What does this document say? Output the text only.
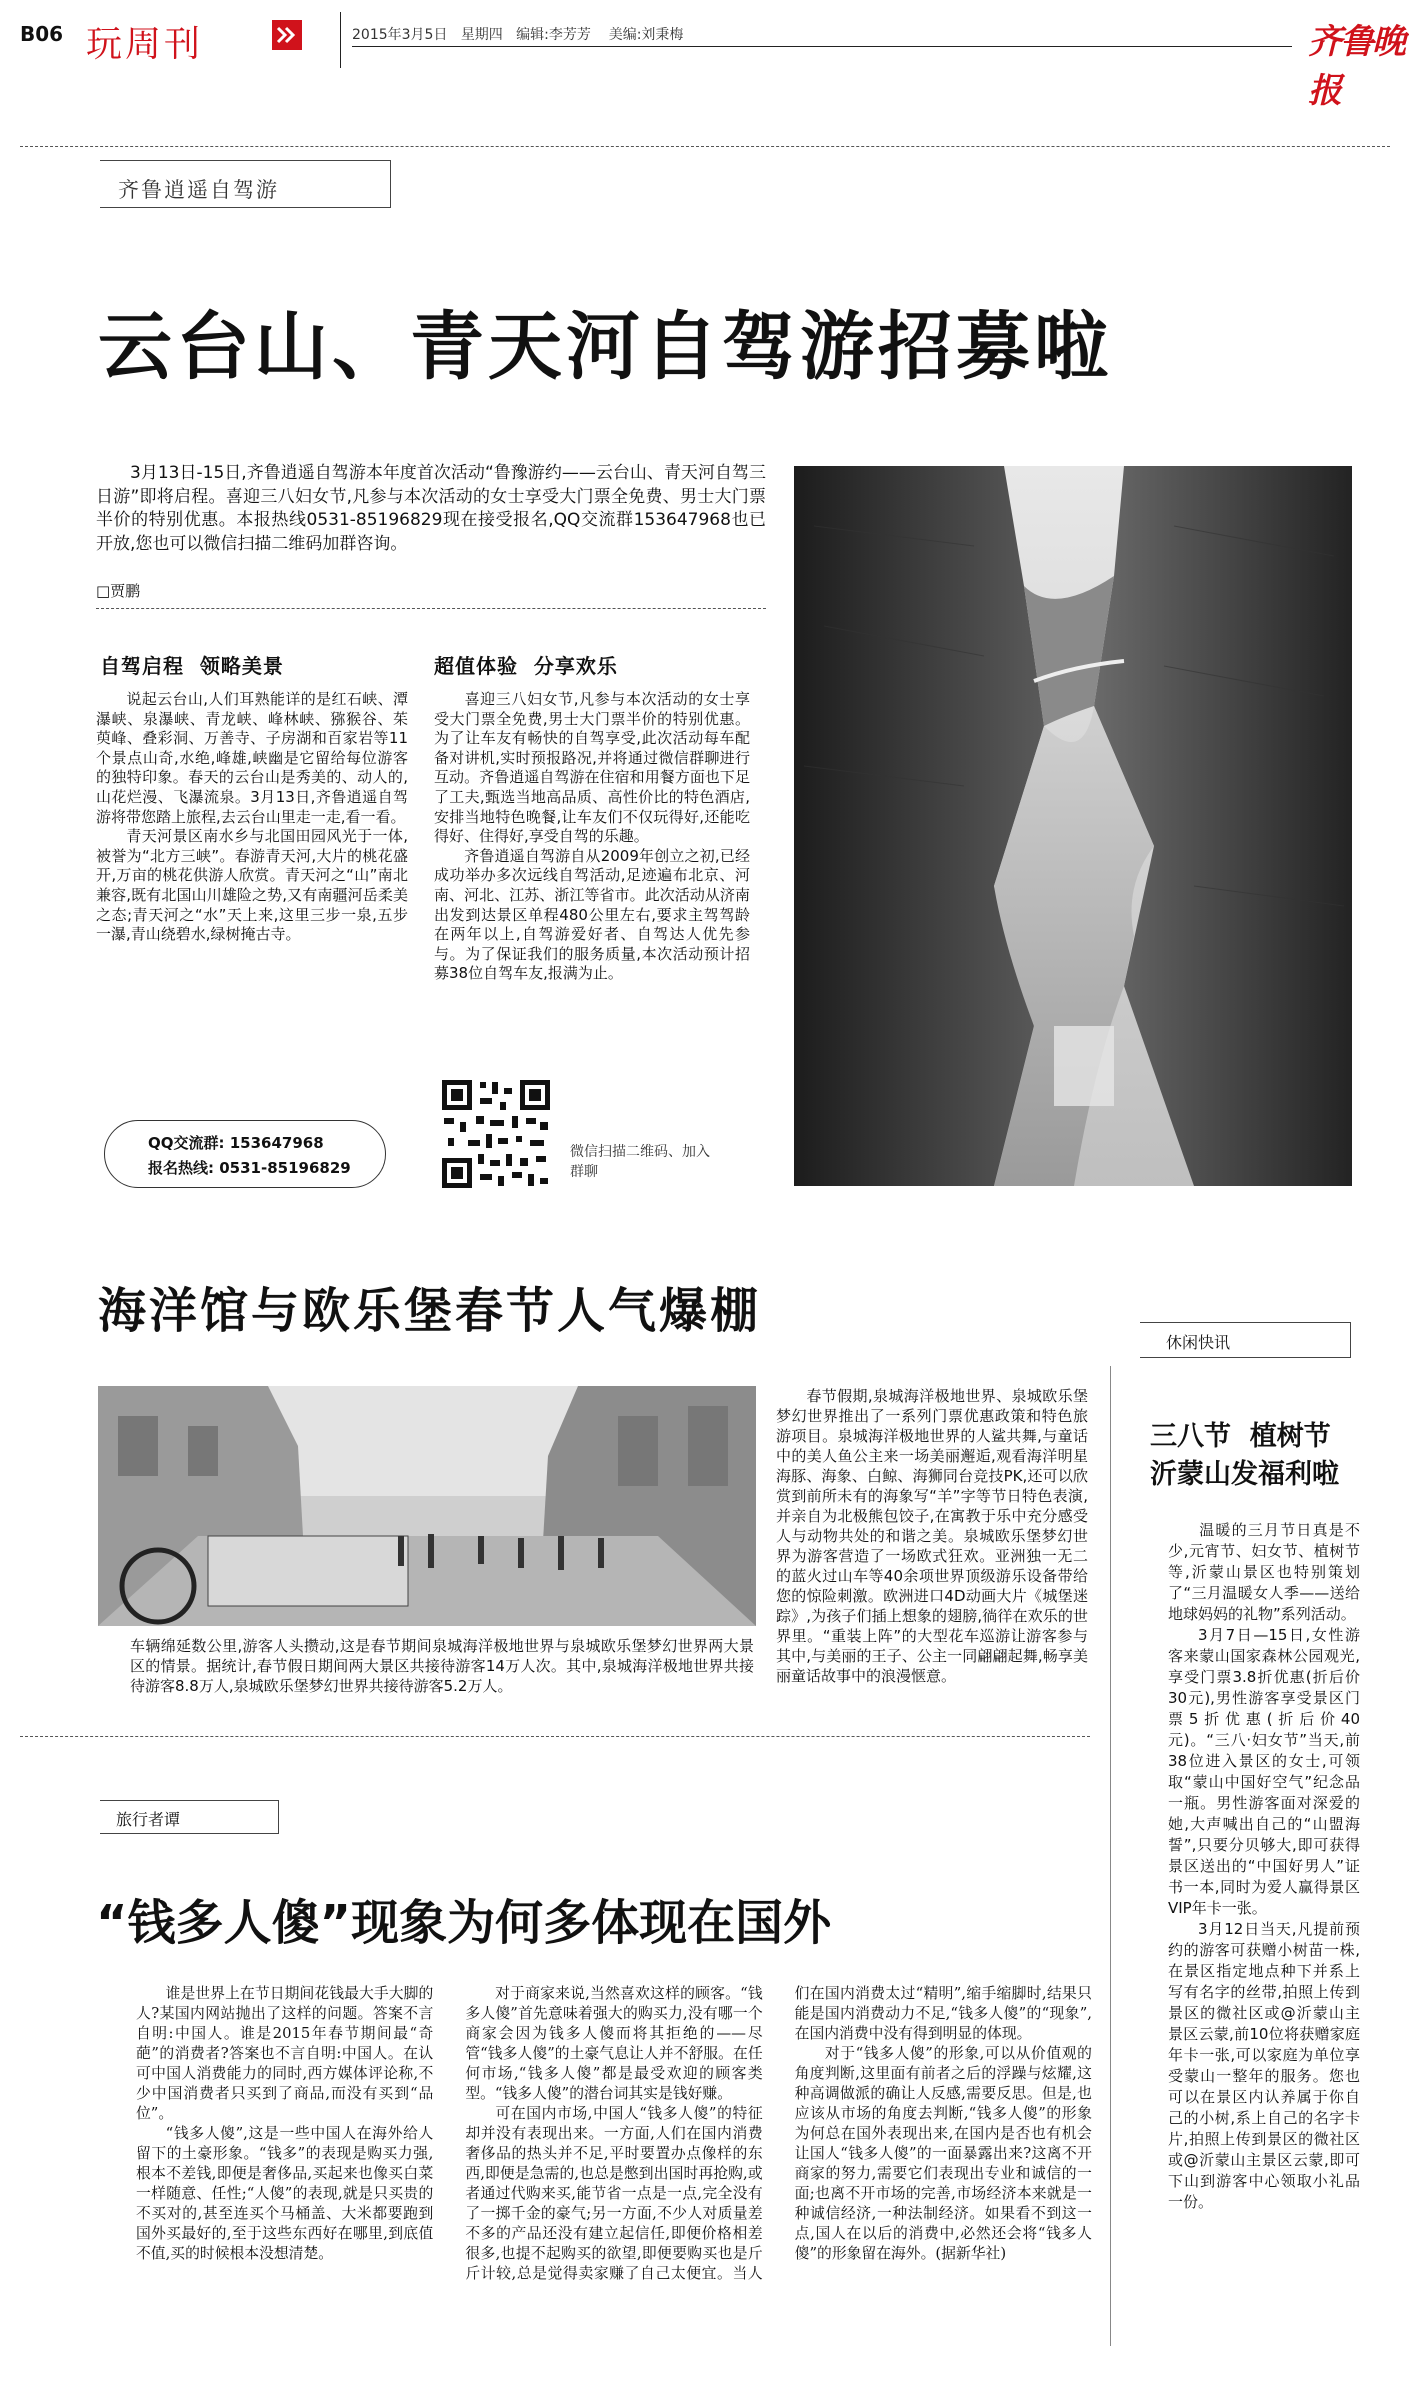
B06 玩周刊	2015年3月5日 星期四 编辑:李芳芳 美编:刘秉梅	齐鲁晚报
齐鲁逍遥自驾游
云台山、青天河自驾游招募啦
3月13日-15日,齐鲁逍遥自驾游本年度首次活动“鲁豫游约——云台山、青天河自驾三日游”即将启程。喜迎三八妇女节,凡参与本次活动的女士享受大门票全免费、男士大门票半价的特别优惠。本报热线0531-85196829现在接受报名,QQ交流群153647968也已开放,您也可以微信扫描二维码加群咨询。
□贾鹏
自驾启程  领略美景

说起云台山,人们耳熟能详的是红石峡、潭瀑峡、泉瀑峡、青龙峡、峰林峡、猕猴谷、茱萸峰、叠彩洞、万善寺、子房湖和百家岩等11个景点山奇,水绝,峰雄,峡幽是它留给每位游客的独特印象。春天的云台山是秀美的、动人的,山花烂漫、飞瀑流泉。3月13日,齐鲁逍遥自驾游将带您踏上旅程,去云台山里走一走,看一看。

青天河景区南水乡与北国田园风光于一体,被誉为“北方三峡”。春游青天河,大片的桃花盛开,万亩的桃花供游人欣赏。青天河之“山”南北兼容,既有北国山川雄险之势,又有南疆河岳柔美之态;青天河之“水”天上来,这里三步一泉,五步一瀑,青山绕碧水,绿树掩古寺。

超值体验  分享欢乐

喜迎三八妇女节,凡参与本次活动的女士享受大门票全免费,男士大门票半价的特别优惠。为了让车友有畅快的自驾享受,此次活动每车配备对讲机,实时预报路况,并将通过微信群聊进行互动。齐鲁逍遥自驾游在住宿和用餐方面也下足了工夫,甄选当地高品质、高性价比的特色酒店,安排当地特色晚餐,让车友们不仅玩得好,还能吃得好、住得好,享受自驾的乐趣。

齐鲁逍遥自驾游自从2009年创立之初,已经成功举办多次远线自驾活动,足迹遍布北京、河南、河北、江苏、浙江等省市。此次活动从济南出发到达景区单程480公里左右,要求主驾驾龄在两年以上,自驾游爱好者、自驾达人优先参与。为了保证我们的服务质量,本次活动预计招募38位自驾车友,报满为止。

QQ交流群: 153647968
报名热线: 0531-85196829
微信扫描二维码、加入群聊
海洋馆与欧乐堡春节人气爆棚

车辆绵延数公里,游客人头攒动,这是春节期间泉城海洋极地世界与泉城欧乐堡梦幻世界两大景区的情景。据统计,春节假日期间两大景区共接待游客14万人次。其中,泉城海洋极地世界共接待游客8.8万人,泉城欧乐堡梦幻世界共接待游客5.2万人。

春节假期,泉城海洋极地世界、泉城欧乐堡梦幻世界推出了一系列门票优惠政策和特色旅游项目。泉城海洋极地世界的人鲨共舞,与童话中的美人鱼公主来一场美丽邂逅,观看海洋明星海豚、海象、白鲸、海狮同台竞技PK,还可以欣赏到前所未有的海象写“羊”字等节日特色表演,并亲自为北极熊包饺子,在寓教于乐中充分感受人与动物共处的和谐之美。泉城欧乐堡梦幻世界为游客营造了一场欧式狂欢。亚洲独一无二的蓝火过山车等40余项世界顶级游乐设备带给您的惊险刺激。欧洲进口4D动画大片《城堡迷踪》,为孩子们插上想象的翅膀,徜徉在欢乐的世界里。“重装上阵”的大型花车巡游让游客参与其中,与美丽的王子、公主一同翩翩起舞,畅享美丽童话故事中的浪漫惬意。

休闲快讯
三八节  植树节
沂蒙山发福利啦

温暖的三月节日真是不少,元宵节、妇女节、植树节等,沂蒙山景区也特别策划了“三月温暖女人季——送给地球妈妈的礼物”系列活动。

3月7日—15日,女性游客来蒙山国家森林公园观光,享受门票3.8折优惠(折后价30元),男性游客享受景区门票5折优惠(折后价40元)。“三八·妇女节”当天,前38位进入景区的女士,可领取“蒙山中国好空气”纪念品一瓶。男性游客面对深爱的她,大声喊出自己的“山盟海誓”,只要分贝够大,即可获得景区送出的“中国好男人”证书一本,同时为爱人赢得景区VIP年卡一张。

3月12日当天,凡提前预约的游客可获赠小树苗一株,在景区指定地点种下并系上写有名字的丝带,拍照上传到景区的微社区或@沂蒙山主景区云蒙,前10位将获赠家庭年卡一张,可以家庭为单位享受蒙山一整年的服务。您也可以在景区内认养属于你自己的小树,系上自己的名字卡片,拍照上传到景区的微社区或@沂蒙山主景区云蒙,即可下山到游客中心领取小礼品一份。

旅行者谭
“钱多人傻”现象为何多体现在国外

谁是世界上在节日期间花钱最大手大脚的人?某国内网站抛出了这样的问题。答案不言自明:中国人。谁是2015年春节期间最“奇葩”的消费者?答案也不言自明:中国人。在认可中国人消费能力的同时,西方媒体评论称,不少中国消费者只买到了商品,而没有买到“品位”。

“钱多人傻”,这是一些中国人在海外给人留下的土豪形象。“钱多”的表现是购买力强,根本不差钱,即便是奢侈品,买起来也像买白菜一样随意、任性;“人傻”的表现,就是只买贵的不买对的,甚至连买个马桶盖、大米都要跑到国外买最好的,至于这些东西好在哪里,到底值不值,买的时候根本没想清楚。

对于商家来说,当然喜欢这样的顾客。“钱多人傻”首先意味着强大的购买力,没有哪一个商家会因为钱多人傻而将其拒绝的——尽管“钱多人傻”的土豪气息让人并不舒服。在任何市场,“钱多人傻”都是最受欢迎的顾客类型。“钱多人傻”的潜台词其实是钱好赚。

可在国内市场,中国人“钱多人傻”的特征却并没有表现出来。一方面,人们在国内消费奢侈品的热头并不足,平时要置办点像样的东西,即便是急需的,也总是憋到出国时再抢购,或者通过代购来买,能节省一点是一点,完全没有了一掷千金的豪气;另一方面,不少人对质量差不多的产品还没有建立起信任,即便价格相差很多,也提不起购买的欲望,即便要购买也是斤斤计较,总是觉得卖家赚了自己太便宜。当人们在国内消费太过“精明”,缩手缩脚时,结果只能是国内消费动力不足,“钱多人傻”的“现象”,在国内消费中没有得到明显的体现。

对于“钱多人傻”的形象,可以从价值观的角度判断,这里面有前者之后的浮躁与炫耀,这种高调做派的确让人反感,需要反思。但是,也应该从市场的角度去判断,“钱多人傻”的形象为何总在国外表现出来,在国内是否也有机会让国人“钱多人傻”的一面暴露出来?这离不开商家的努力,需要它们表现出专业和诚信的一面;也离不开市场的完善,市场经济本来就是一种诚信经济,一种法制经济。如果看不到这一点,国人在以后的消费中,必然还会将“钱多人傻”的形象留在海外。(据新华社)
